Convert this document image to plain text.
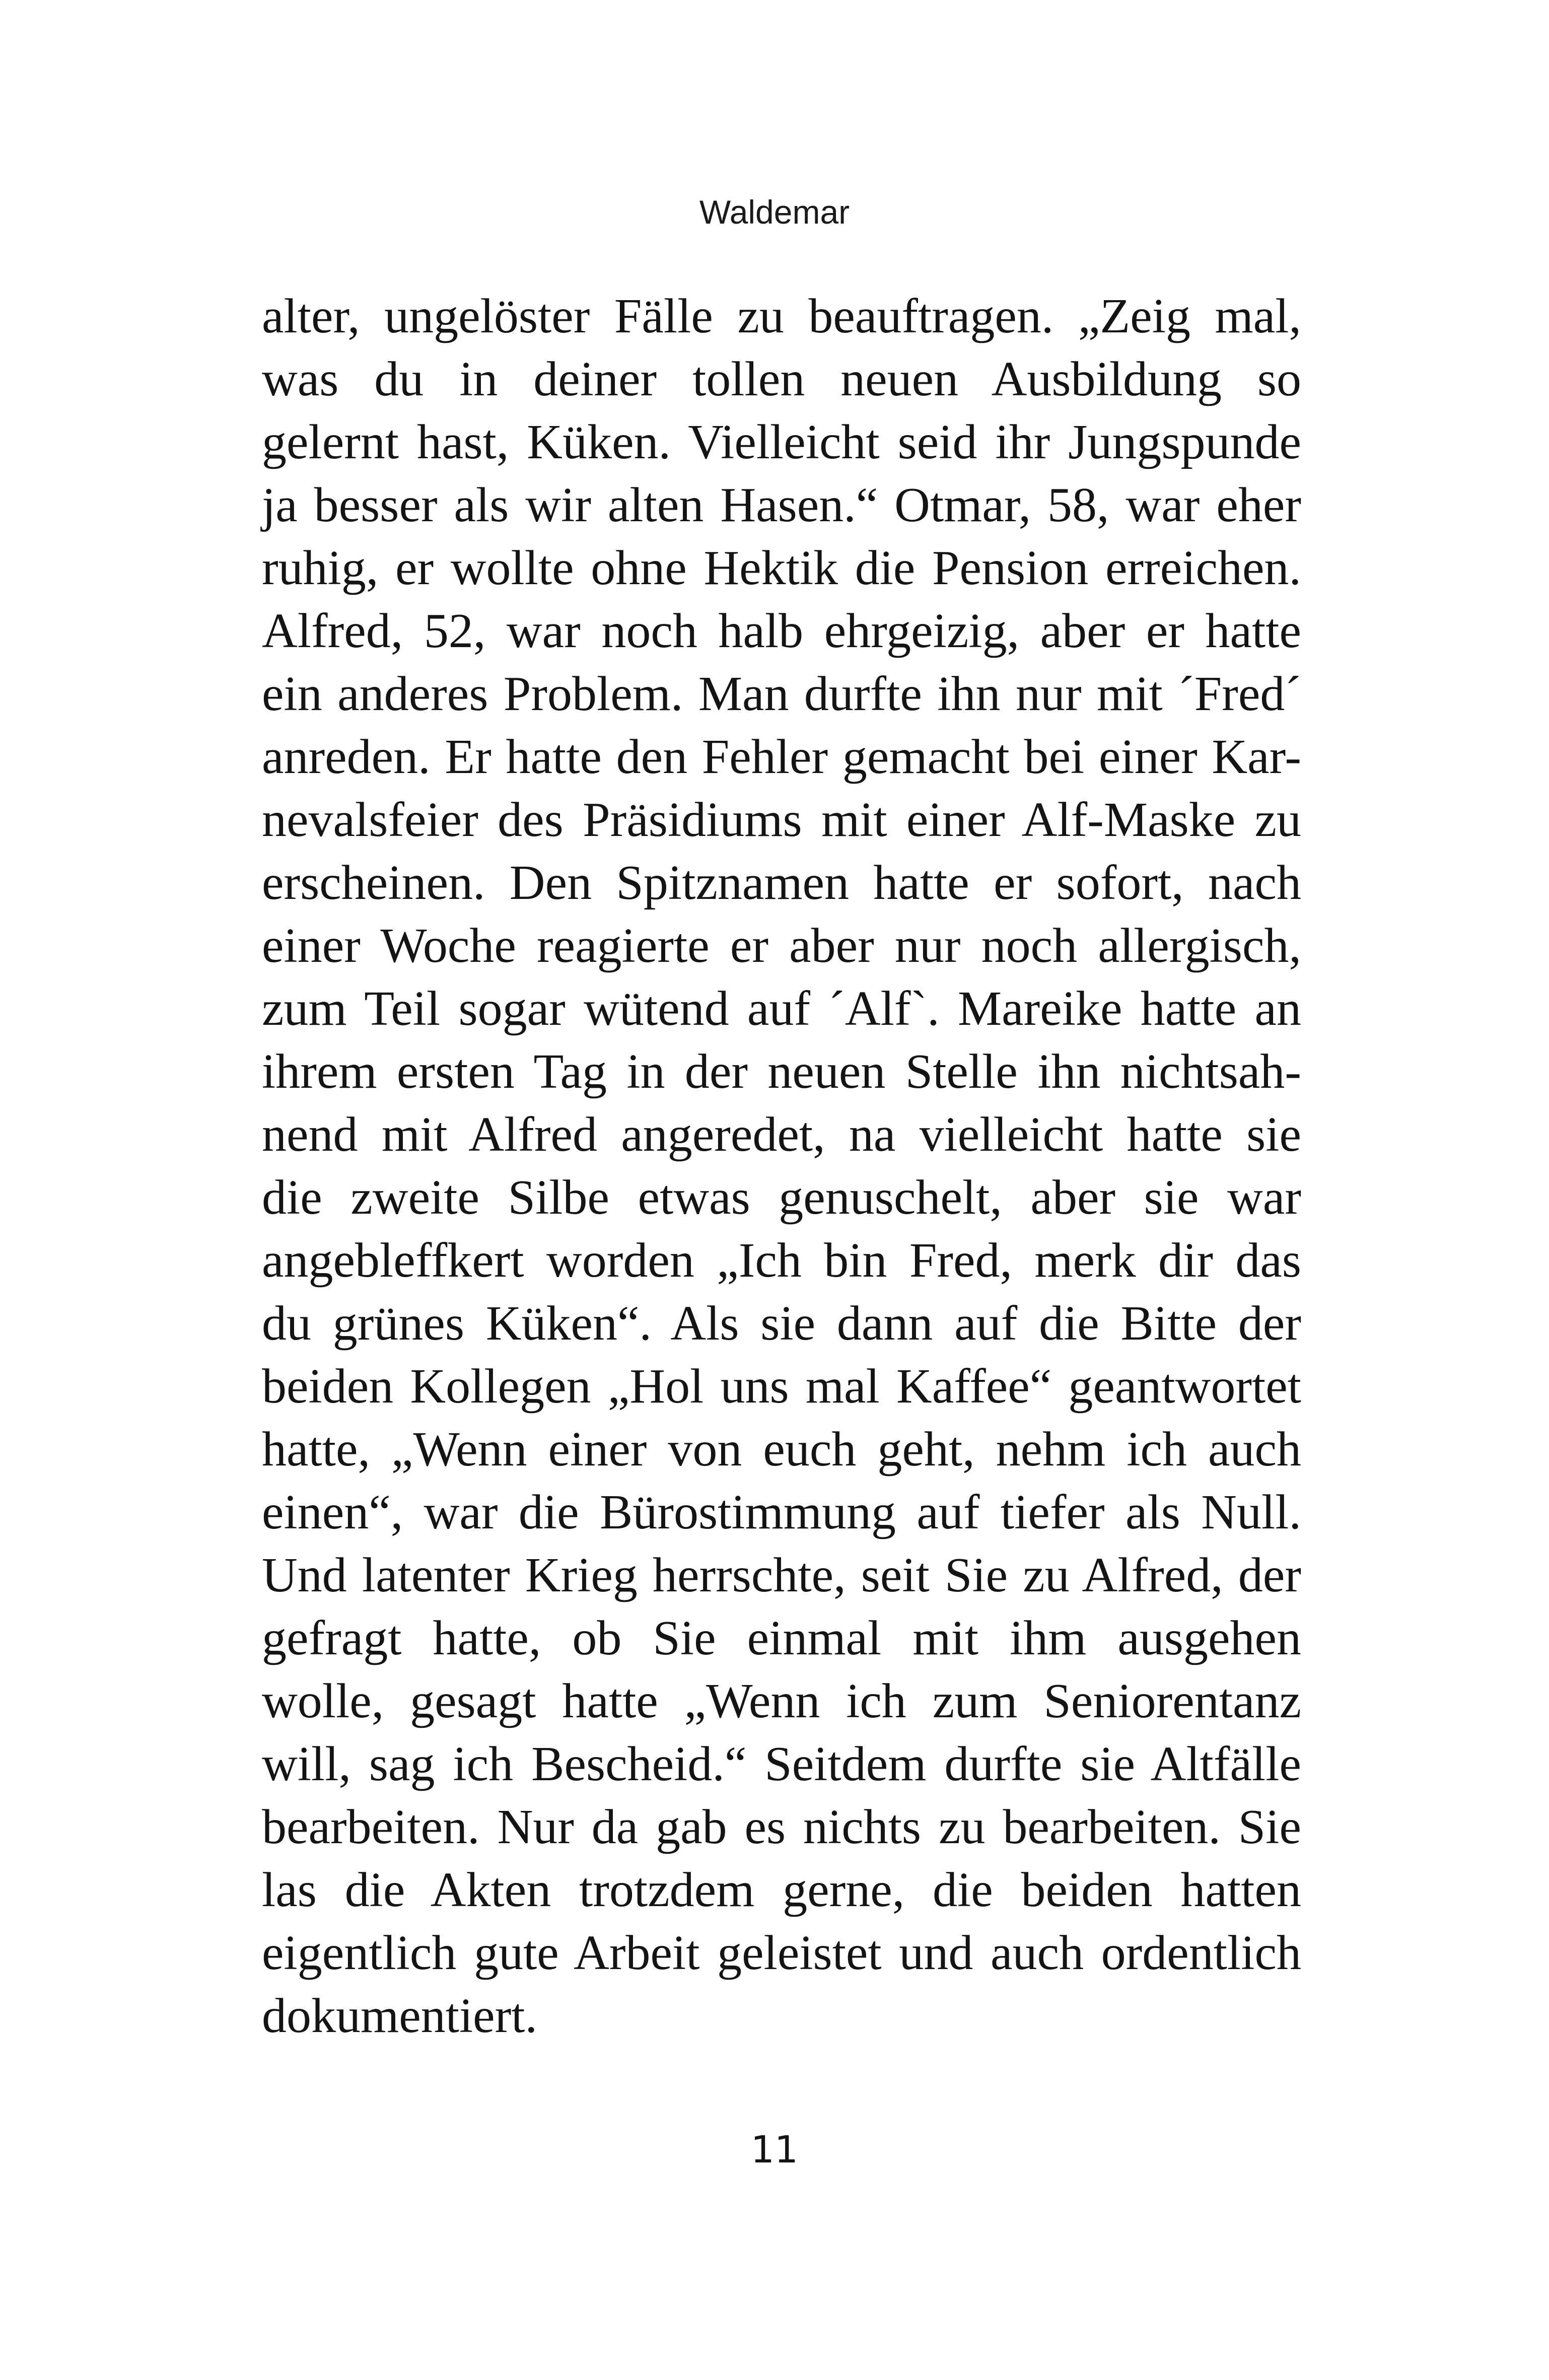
Waldemar
alter, ungelöster Fälle zu beauftragen. „Zeig mal,
was du in deiner tollen neuen Ausbildung so
gelernt hast, Küken. Vielleicht seid ihr Jungspunde
ja besser als wir alten Hasen.“ Otmar, 58, war eher
ruhig, er wollte ohne Hektik die Pension erreichen.
Alfred, 52, war noch halb ehrgeizig, aber er hatte
ein anderes Problem. Man durfte ihn nur mit ´Fred´
anreden. Er hatte den Fehler gemacht bei einer Kar-
nevalsfeier des Präsidiums mit einer Alf-Maske zu
erscheinen. Den Spitznamen hatte er sofort, nach
einer Woche reagierte er aber nur noch allergisch,
zum Teil sogar wütend auf ´Alf`. Mareike hatte an
ihrem ersten Tag in der neuen Stelle ihn nichtsah-
nend mit Alfred angeredet, na vielleicht hatte sie
die zweite Silbe etwas genuschelt, aber sie war
angebleffkert worden „Ich bin Fred, merk dir das
du grünes Küken“. Als sie dann auf die Bitte der
beiden Kollegen „Hol uns mal Kaffee“ geantwortet
hatte, „Wenn einer von euch geht, nehm ich auch
einen“, war die Bürostimmung auf tiefer als Null.
Und latenter Krieg herrschte, seit Sie zu Alfred, der
gefragt hatte, ob Sie einmal mit ihm ausgehen
wolle, gesagt hatte „Wenn ich zum Seniorentanz
will, sag ich Bescheid.“ Seitdem durfte sie Altfälle
bearbeiten. Nur da gab es nichts zu bearbeiten. Sie
las die Akten trotzdem gerne, die beiden hatten
eigentlich gute Arbeit geleistet und auch ordentlich
dokumentiert.
11
